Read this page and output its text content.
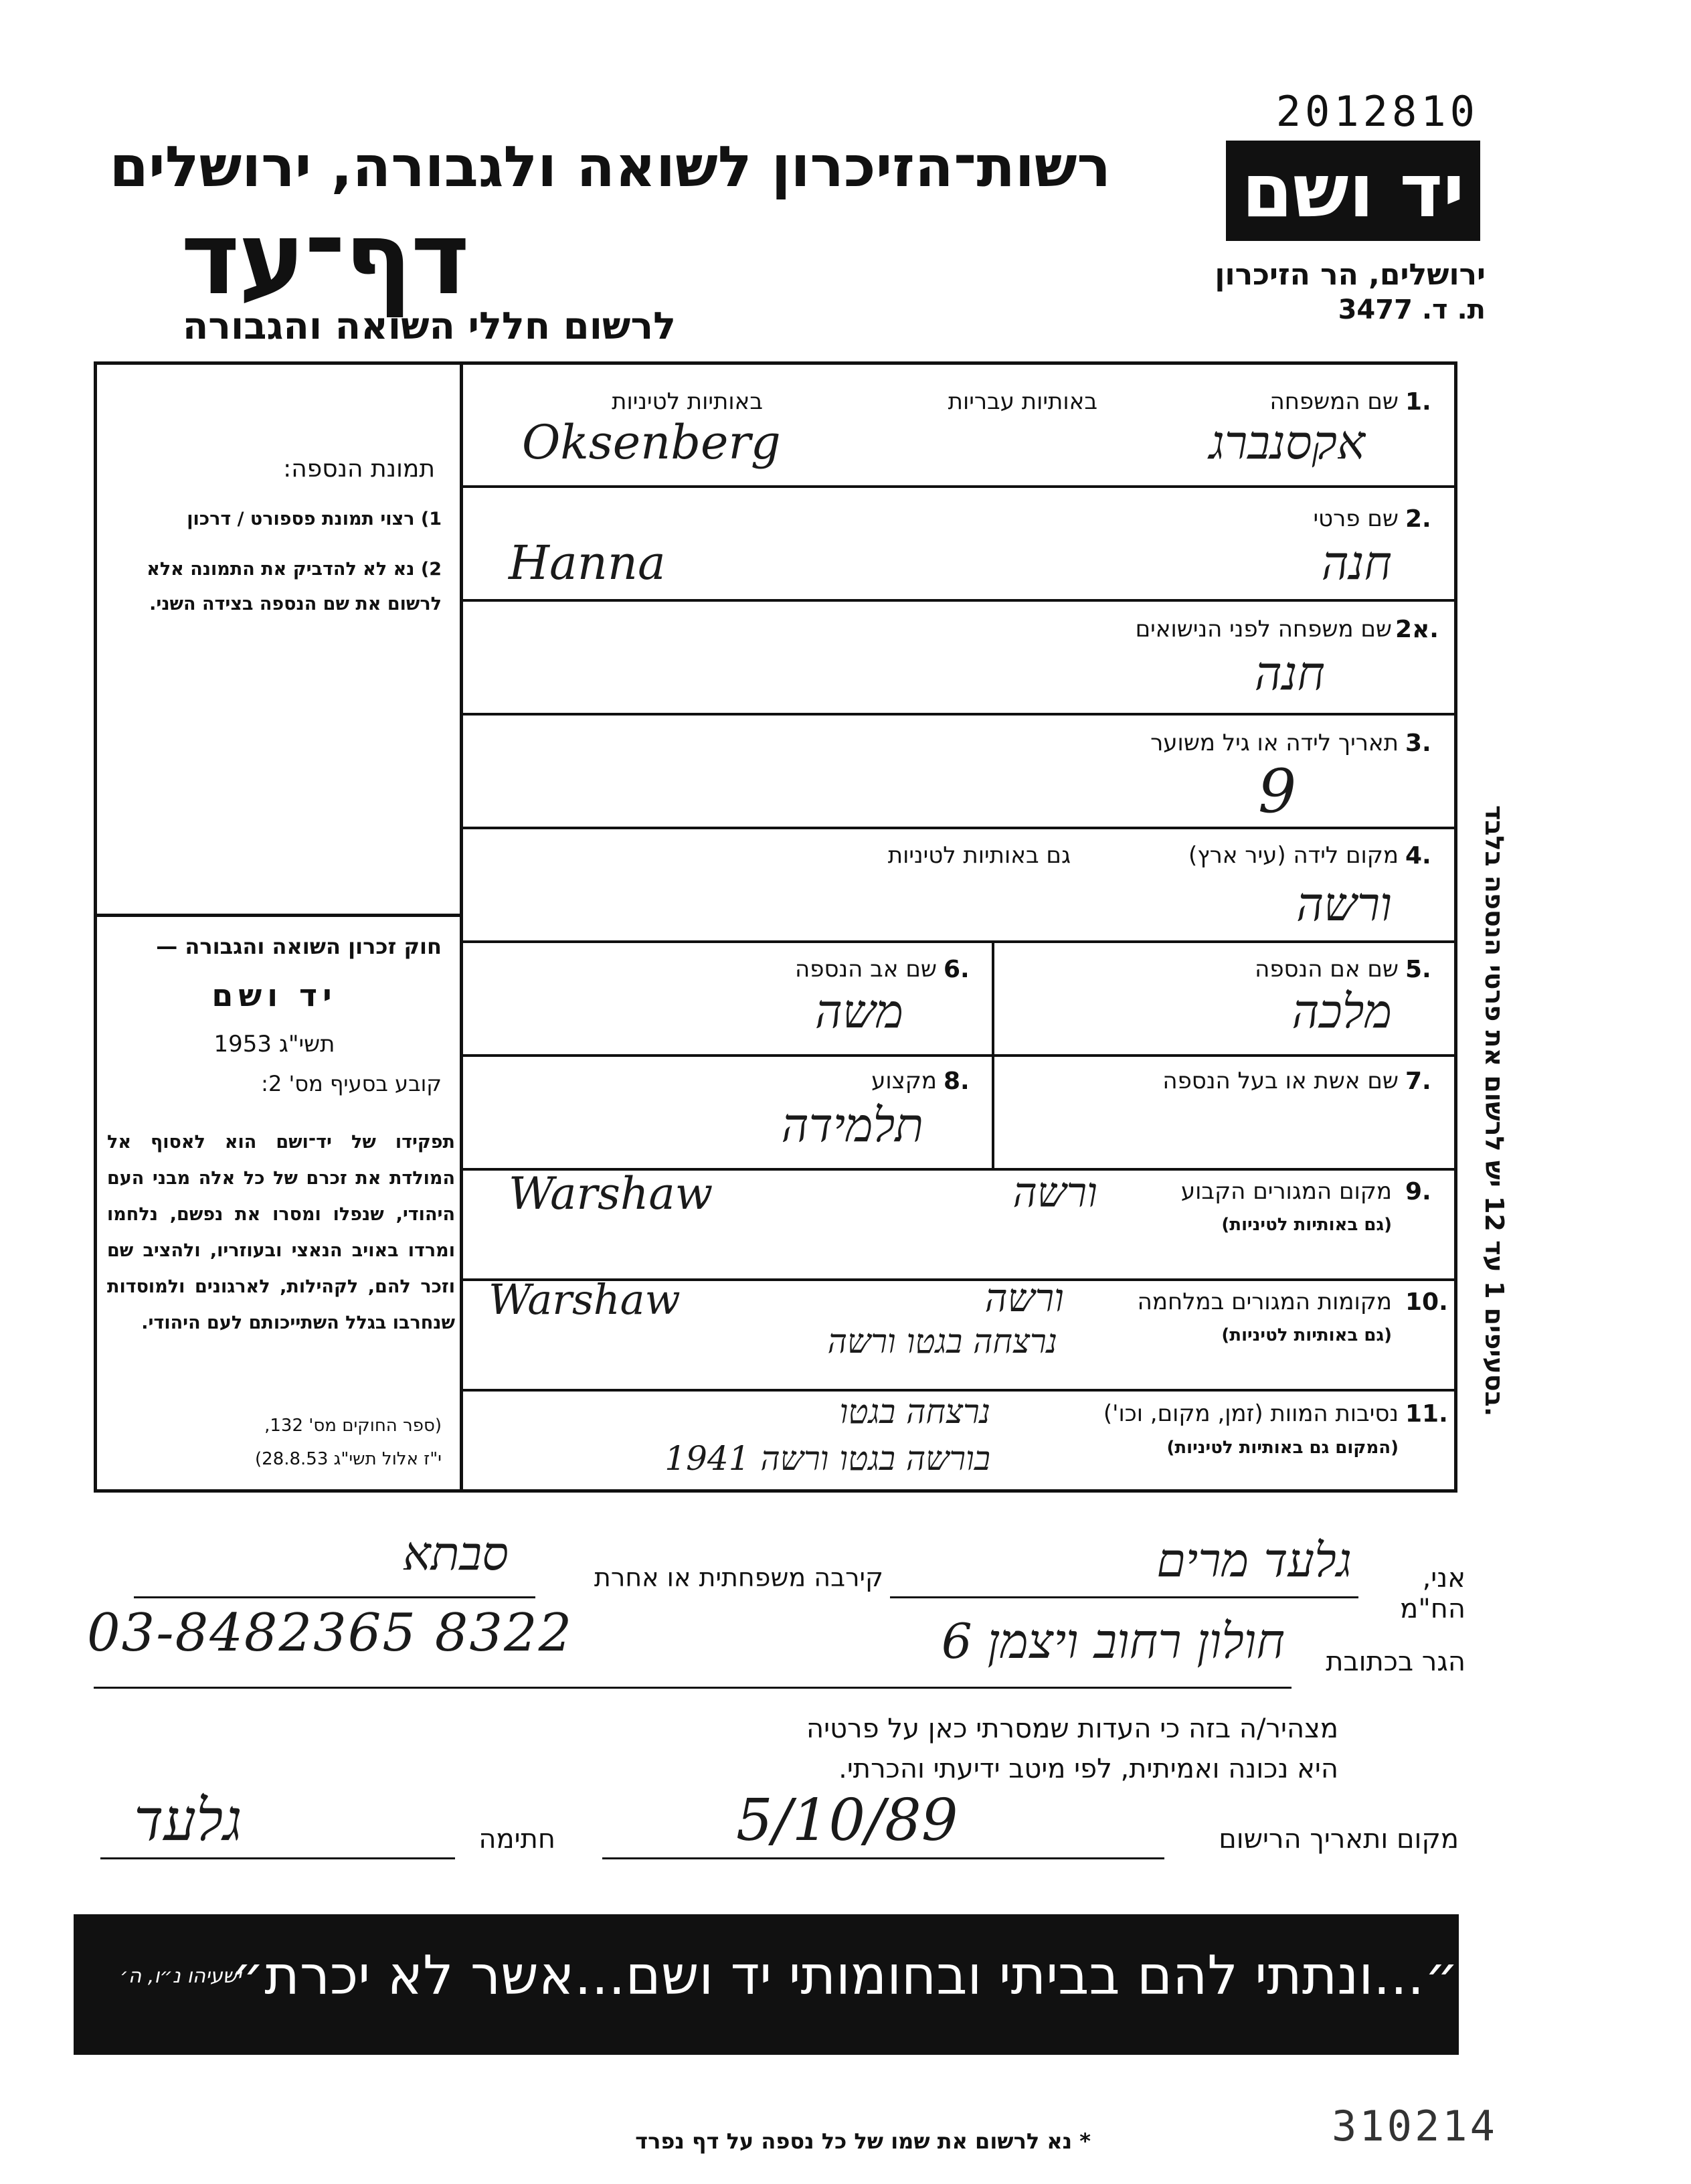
2012810
יד ושם
ירושלים, הר הזיכרון
ת. ד. 3477
רשות־הזיכרון לשואה ולגבורה, ירושלים
דף־עד
לרשום חללי השואה והגבורה
1.
שם המשפחה
באותיות עבריות
באותיות לטיניות
Oksenberg	אקסנברג
2.
שם פרטי
Hanna	חנה
2א.
שם משפחה לפני הנישואים
חנה
3.
תאריך לידה או גיל משוער
9
4.
מקום לידה (עיר ארץ)
גם באותיות לטיניות
ורשה
5.
שם אם הנספה
מלכה
6.
שם אב הנספה
משה
7.
שם אשת או בעל הנספה
8.
מקצוע
תלמידה
9.
מקום המגורים הקבוע
(גם באותיות לטיניות)
Warshaw	ורשה
10.
מקומות המגורים במלחמה
(גם באותיות לטיניות)
Warshaw	ורשה
נרצחה בגטו ורשה
11.
נסיבות המוות (זמן, מקום, וכו')
(המקום גם באותיות לטיניות)
נרצחה בגטו
בורשה בגטו ורשה 1941
תמונת הנספה:
1) רצוי תמונת פספורט / דרכון
2) נא לא להדביק את התמונה אלא לרשום את שם הנספה בצידה השני.
חוק זכרון השואה והגבורה —
יד ושם
תשי"ג 1953
קובע בסעיף מס' 2:
תפקידו של יד־ושם הוא לאסוף אל המולדת את זכרם של כל אלה מבני העם היהודי, שנפלו ומסרו את נפשם, נלחמו ומרדו באויב הנאצי ובעוזריו, ולהציב שם וזכר להם, לקהילות, לארגונים ולמוסדות שנחרבו בגלל השתייכותם לעם היהודי.
(ספר החוקים מס' 132,
י"ז אלול תשי"ג 28.8.53)
בסעיפים 1 עד 12 יש לרשום את פרטי הנספה בלבד.
אני, הח"מ
גלעד מרים
קירבה משפחתית או אחרת
סבתא
הגר בכתובת
חולון רחוב ויצמן 6
03-8482365 8322
מצהיר/ה בזה כי העדות שמסרתי כאן על פרטיה
היא נכונה ואמיתית, לפי מיטב ידיעתי והכרתי.
מקום ותאריך הרישום
5/10/89
חתימה
גלעד
״...ונתתי להם בביתי ובחומותי יד ושם...אשר לא יכרת״
ישעיהו נ״ו, ה׳
* נא לרשום את שמו של כל נספה על דף נפרד	310214
